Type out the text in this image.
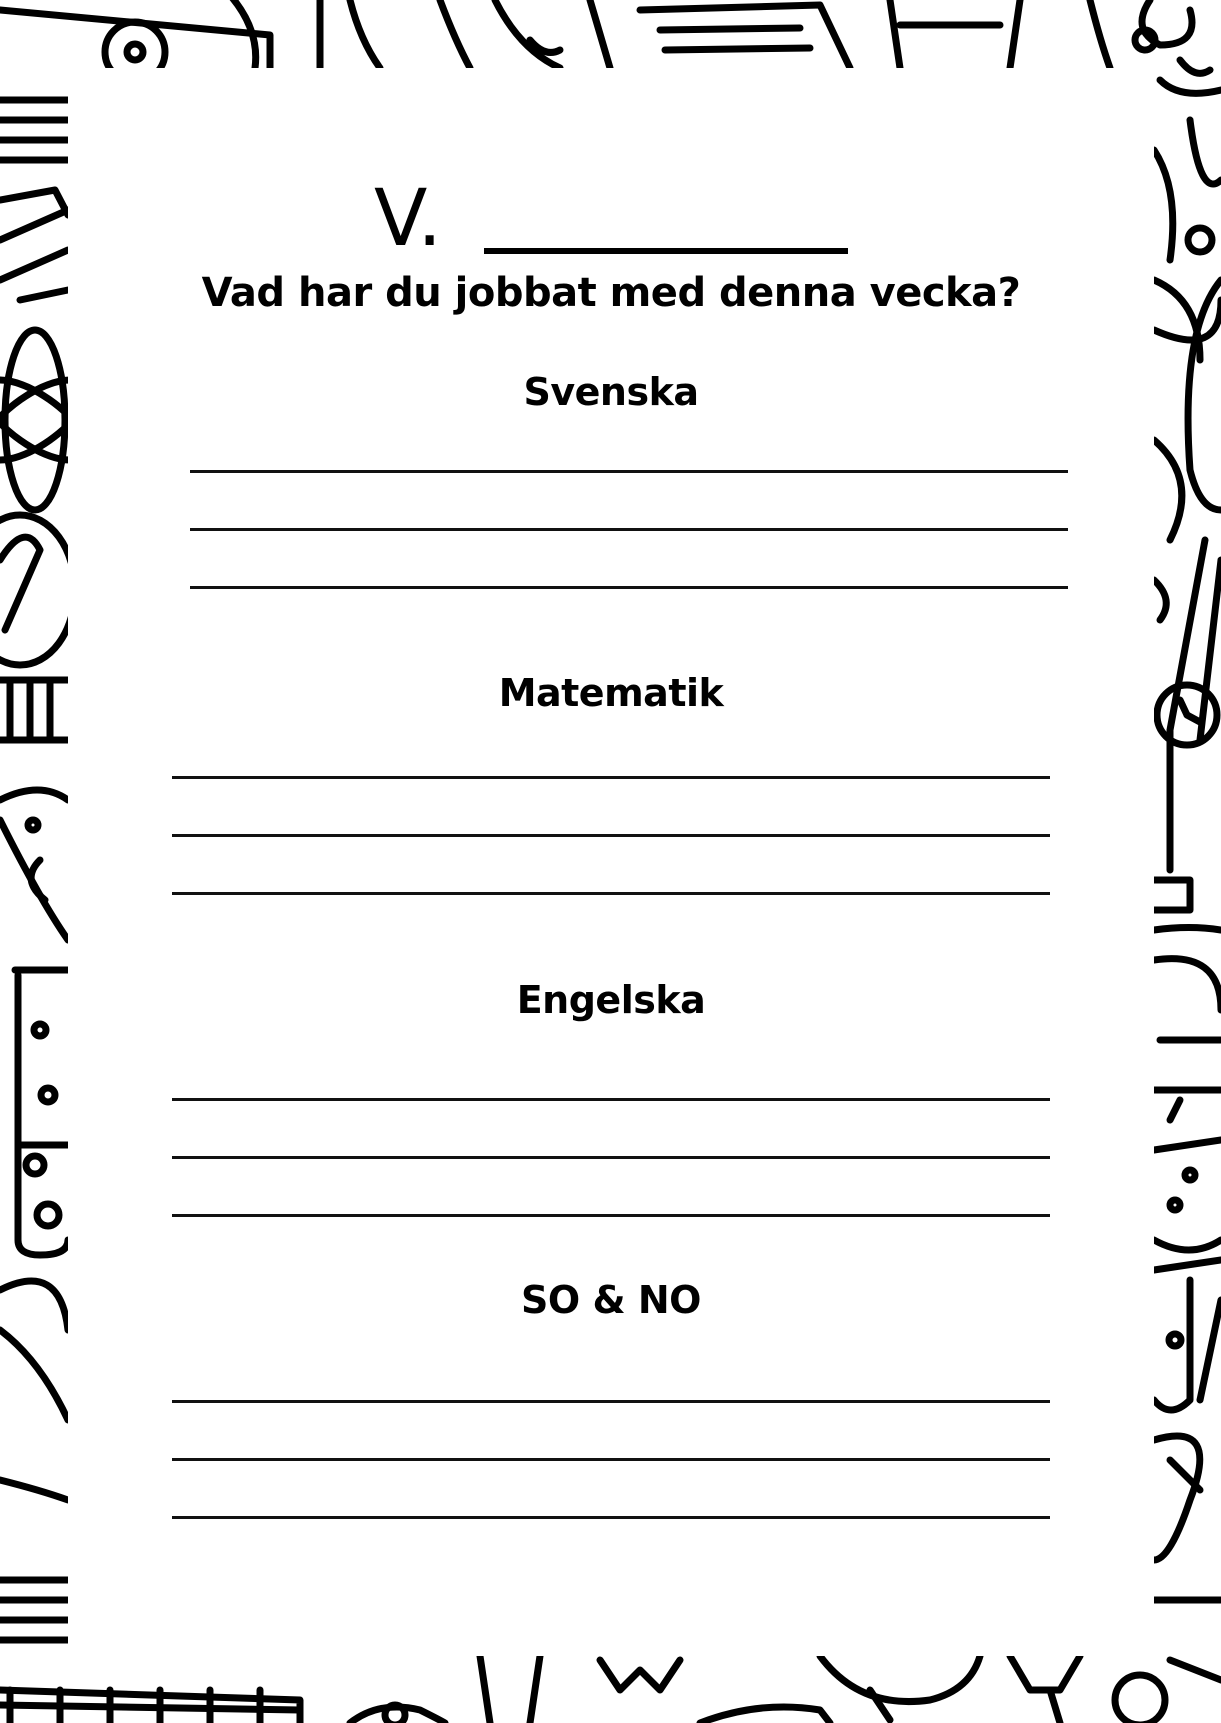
V.
Vad har du jobbat med denna vecka?
Svenska
Matematik
Engelska
SO & NO
